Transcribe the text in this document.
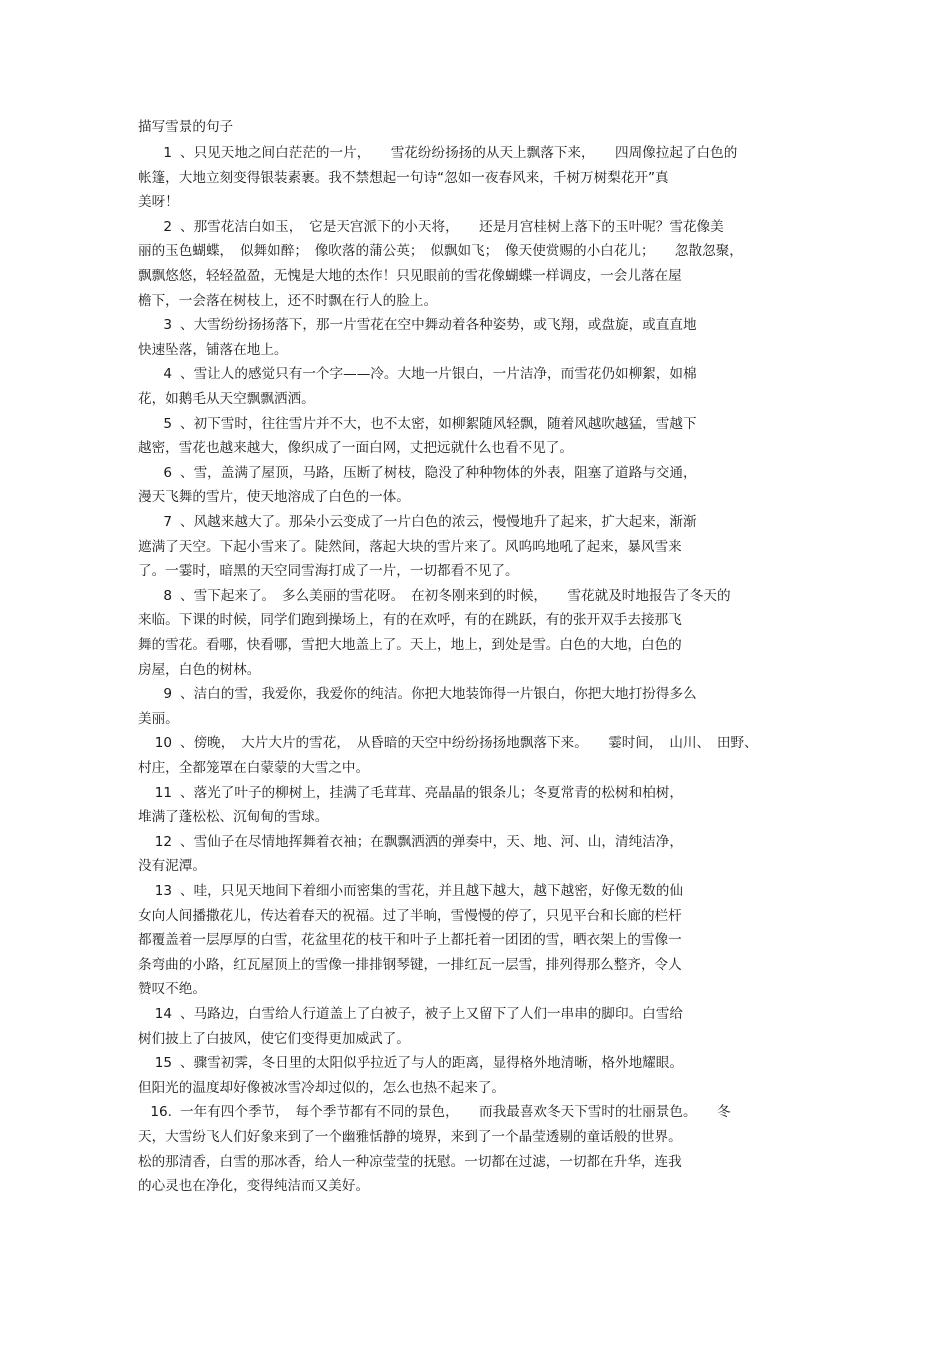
描写雪景的句子
1 、只见天地之间白茫茫的一片，　　雪花纷纷扬扬的从天上飘落下来，　　四周像拉起了白色的
帐篷，大地立刻变得银装素裹。我不禁想起一句诗“忽如一夜春风来，千树万树梨花开”真
美呀！
2 、那雪花洁白如玉，　它是天宫派下的小天将，　　还是月宫桂树上落下的玉叶呢？雪花像美
丽的玉色蝴蝶，　似舞如醉；　像吹落的蒲公英；　似飘如飞；　像天使赏赐的小白花儿；　　忽散忽聚，
飘飘悠悠，轻轻盈盈，无愧是大地的杰作！只见眼前的雪花像蝴蝶一样调皮，一会儿落在屋
檐下，一会落在树枝上，还不时飘在行人的脸上。
3 、大雪纷纷扬扬落下，那一片雪花在空中舞动着各种姿势，或飞翔，或盘旋，或直直地
快速坠落，铺落在地上。
4 、雪让人的感觉只有一个字——冷。大地一片银白，一片洁净，而雪花仍如柳絮，如棉
花，如鹅毛从天空飘飘洒洒。
5 、初下雪时，往往雪片并不大，也不太密，如柳絮随风轻飘，随着风越吹越猛，雪越下
越密，雪花也越来越大，像织成了一面白网，丈把远就什么也看不见了。
6 、雪，盖满了屋顶，马路，压断了树枝，隐没了种种物体的外表，阻塞了道路与交通，
漫天飞舞的雪片，使天地溶成了白色的一体。
7 、风越来越大了。那朵小云变成了一片白色的浓云，慢慢地升了起来，扩大起来，渐渐
遮满了天空。下起小雪来了。陡然间，落起大块的雪片来了。风呜呜地吼了起来，暴风雪来
了。一霎时，暗黑的天空同雪海打成了一片，一切都看不见了。
8 、雪下起来了。　多么美丽的雪花呀。　在初冬刚来到的时候，　　雪花就及时地报告了冬天的
来临。下课的时候，同学们跑到操场上，有的在欢呼，有的在跳跃，有的张开双手去接那飞
舞的雪花。看哪，快看哪，雪把大地盖上了。天上，地上，到处是雪。白色的大地，白色的
房屋，白色的树林。
9 、洁白的雪，我爱你，我爱你的纯洁。你把大地装饰得一片银白，你把大地打扮得多么
美丽。
10 、傍晚，　大片大片的雪花，　从昏暗的天空中纷纷扬扬地飘落下来。　　霎时间，　山川、　田野、
村庄，全都笼罩在白蒙蒙的大雪之中。
11 、落光了叶子的柳树上，挂满了毛茸茸、亮晶晶的银条儿；冬夏常青的松树和柏树，
堆满了蓬松松、沉甸甸的雪球。
12 、雪仙子在尽情地挥舞着衣袖；在飘飘洒洒的弹奏中，天、地、河、山，清纯洁净，
没有泥潭。
13 、哇，只见天地间下着细小而密集的雪花，并且越下越大，越下越密，好像无数的仙
女向人间播撒花儿，传达着春天的祝福。过了半晌，雪慢慢的停了，只见平台和长廊的栏杆
都覆盖着一层厚厚的白雪，花盆里花的枝干和叶子上都托着一团团的雪，晒衣架上的雪像一
条弯曲的小路，红瓦屋顶上的雪像一排排钢琴键，一排红瓦一层雪，排列得那么整齐，令人
赞叹不绝。
14 、马路边，白雪给人行道盖上了白被子，被子上又留下了人们一串串的脚印。白雪给
树们披上了白披风，使它们变得更加威武了。
15 、骤雪初霁，冬日里的太阳似乎拉近了与人的距离，显得格外地清晰，格外地耀眼。
但阳光的温度却好像被冰雪冷却过似的，怎么也热不起来了。
16. 一年有四个季节，　每个季节都有不同的景色，　　而我最喜欢冬天下雪时的壮丽景色。　　冬
天，大雪纷飞人们好象来到了一个幽雅恬静的境界，来到了一个晶莹透剔的童话般的世界。
松的那清香，白雪的那冰香，给人一种凉莹莹的抚慰。一切都在过滤，一切都在升华，连我
的心灵也在净化，变得纯洁而又美好。
